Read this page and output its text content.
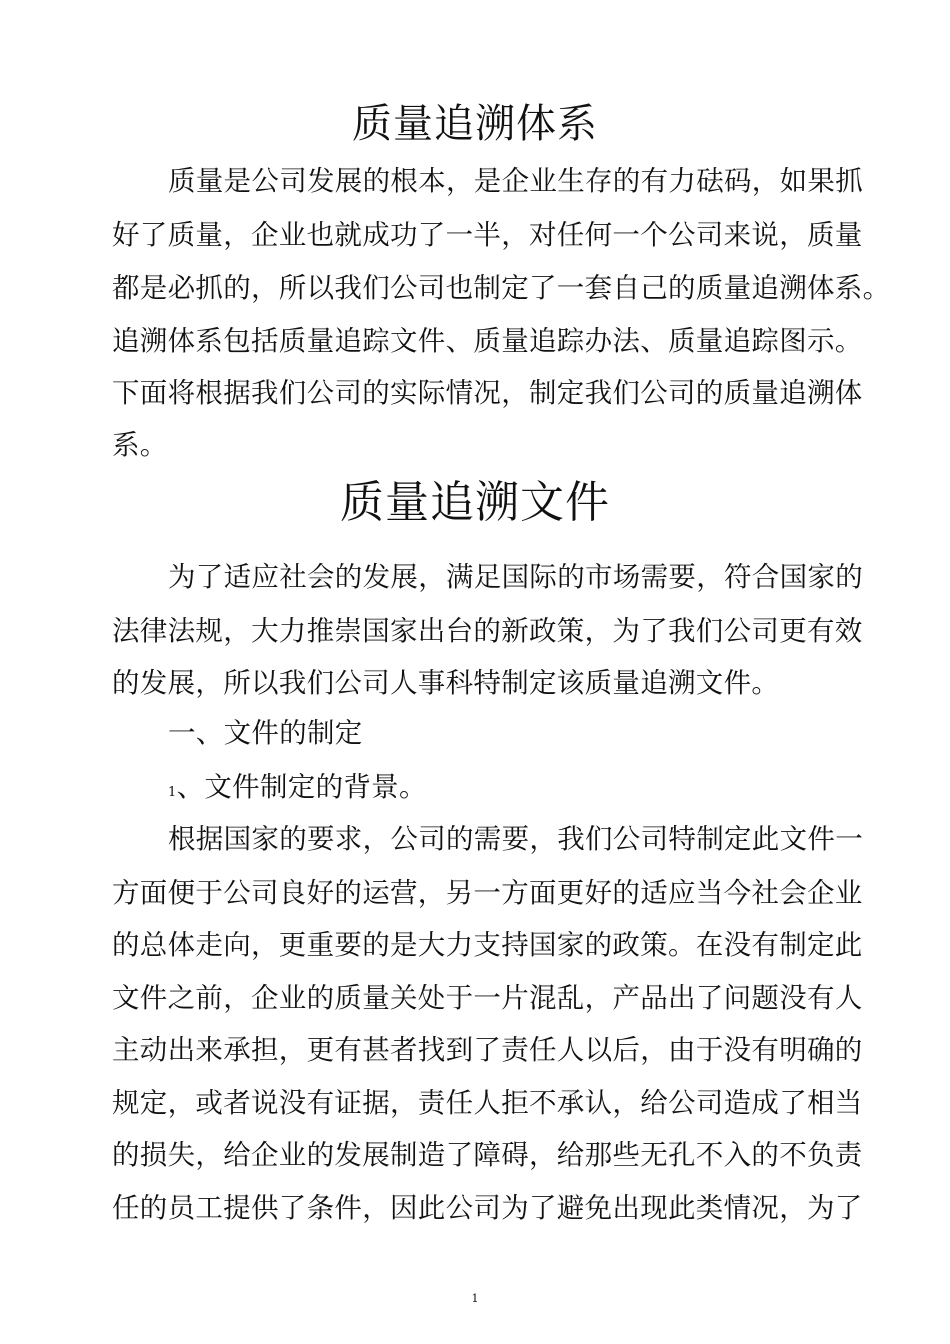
质量追溯体系
质量是公司发展的根本，是企业生存的有力砝码，如果抓
好了质量，企业也就成功了一半，对任何一个公司来说，质量
都是必抓的，所以我们公司也制定了一套自己的质量追溯体系。
追溯体系包括质量追踪文件、质量追踪办法、质量追踪图示。
下面将根据我们公司的实际情况，制定我们公司的质量追溯体
系。
质量追溯文件
为了适应社会的发展，满足国际的市场需要，符合国家的
法律法规，大力推崇国家出台的新政策，为了我们公司更有效
的发展，所以我们公司人事科特制定该质量追溯文件。
一、文件的制定
1、文件制定的背景。
根据国家的要求，公司的需要，我们公司特制定此文件一
方面便于公司良好的运营，另一方面更好的适应当今社会企业
的总体走向，更重要的是大力支持国家的政策。在没有制定此
文件之前，企业的质量关处于一片混乱，产品出了问题没有人
主动出来承担，更有甚者找到了责任人以后，由于没有明确的
规定，或者说没有证据，责任人拒不承认，给公司造成了相当
的损失，给企业的发展制造了障碍，给那些无孔不入的不负责
任的员工提供了条件，因此公司为了避免出现此类情况，为了
1
